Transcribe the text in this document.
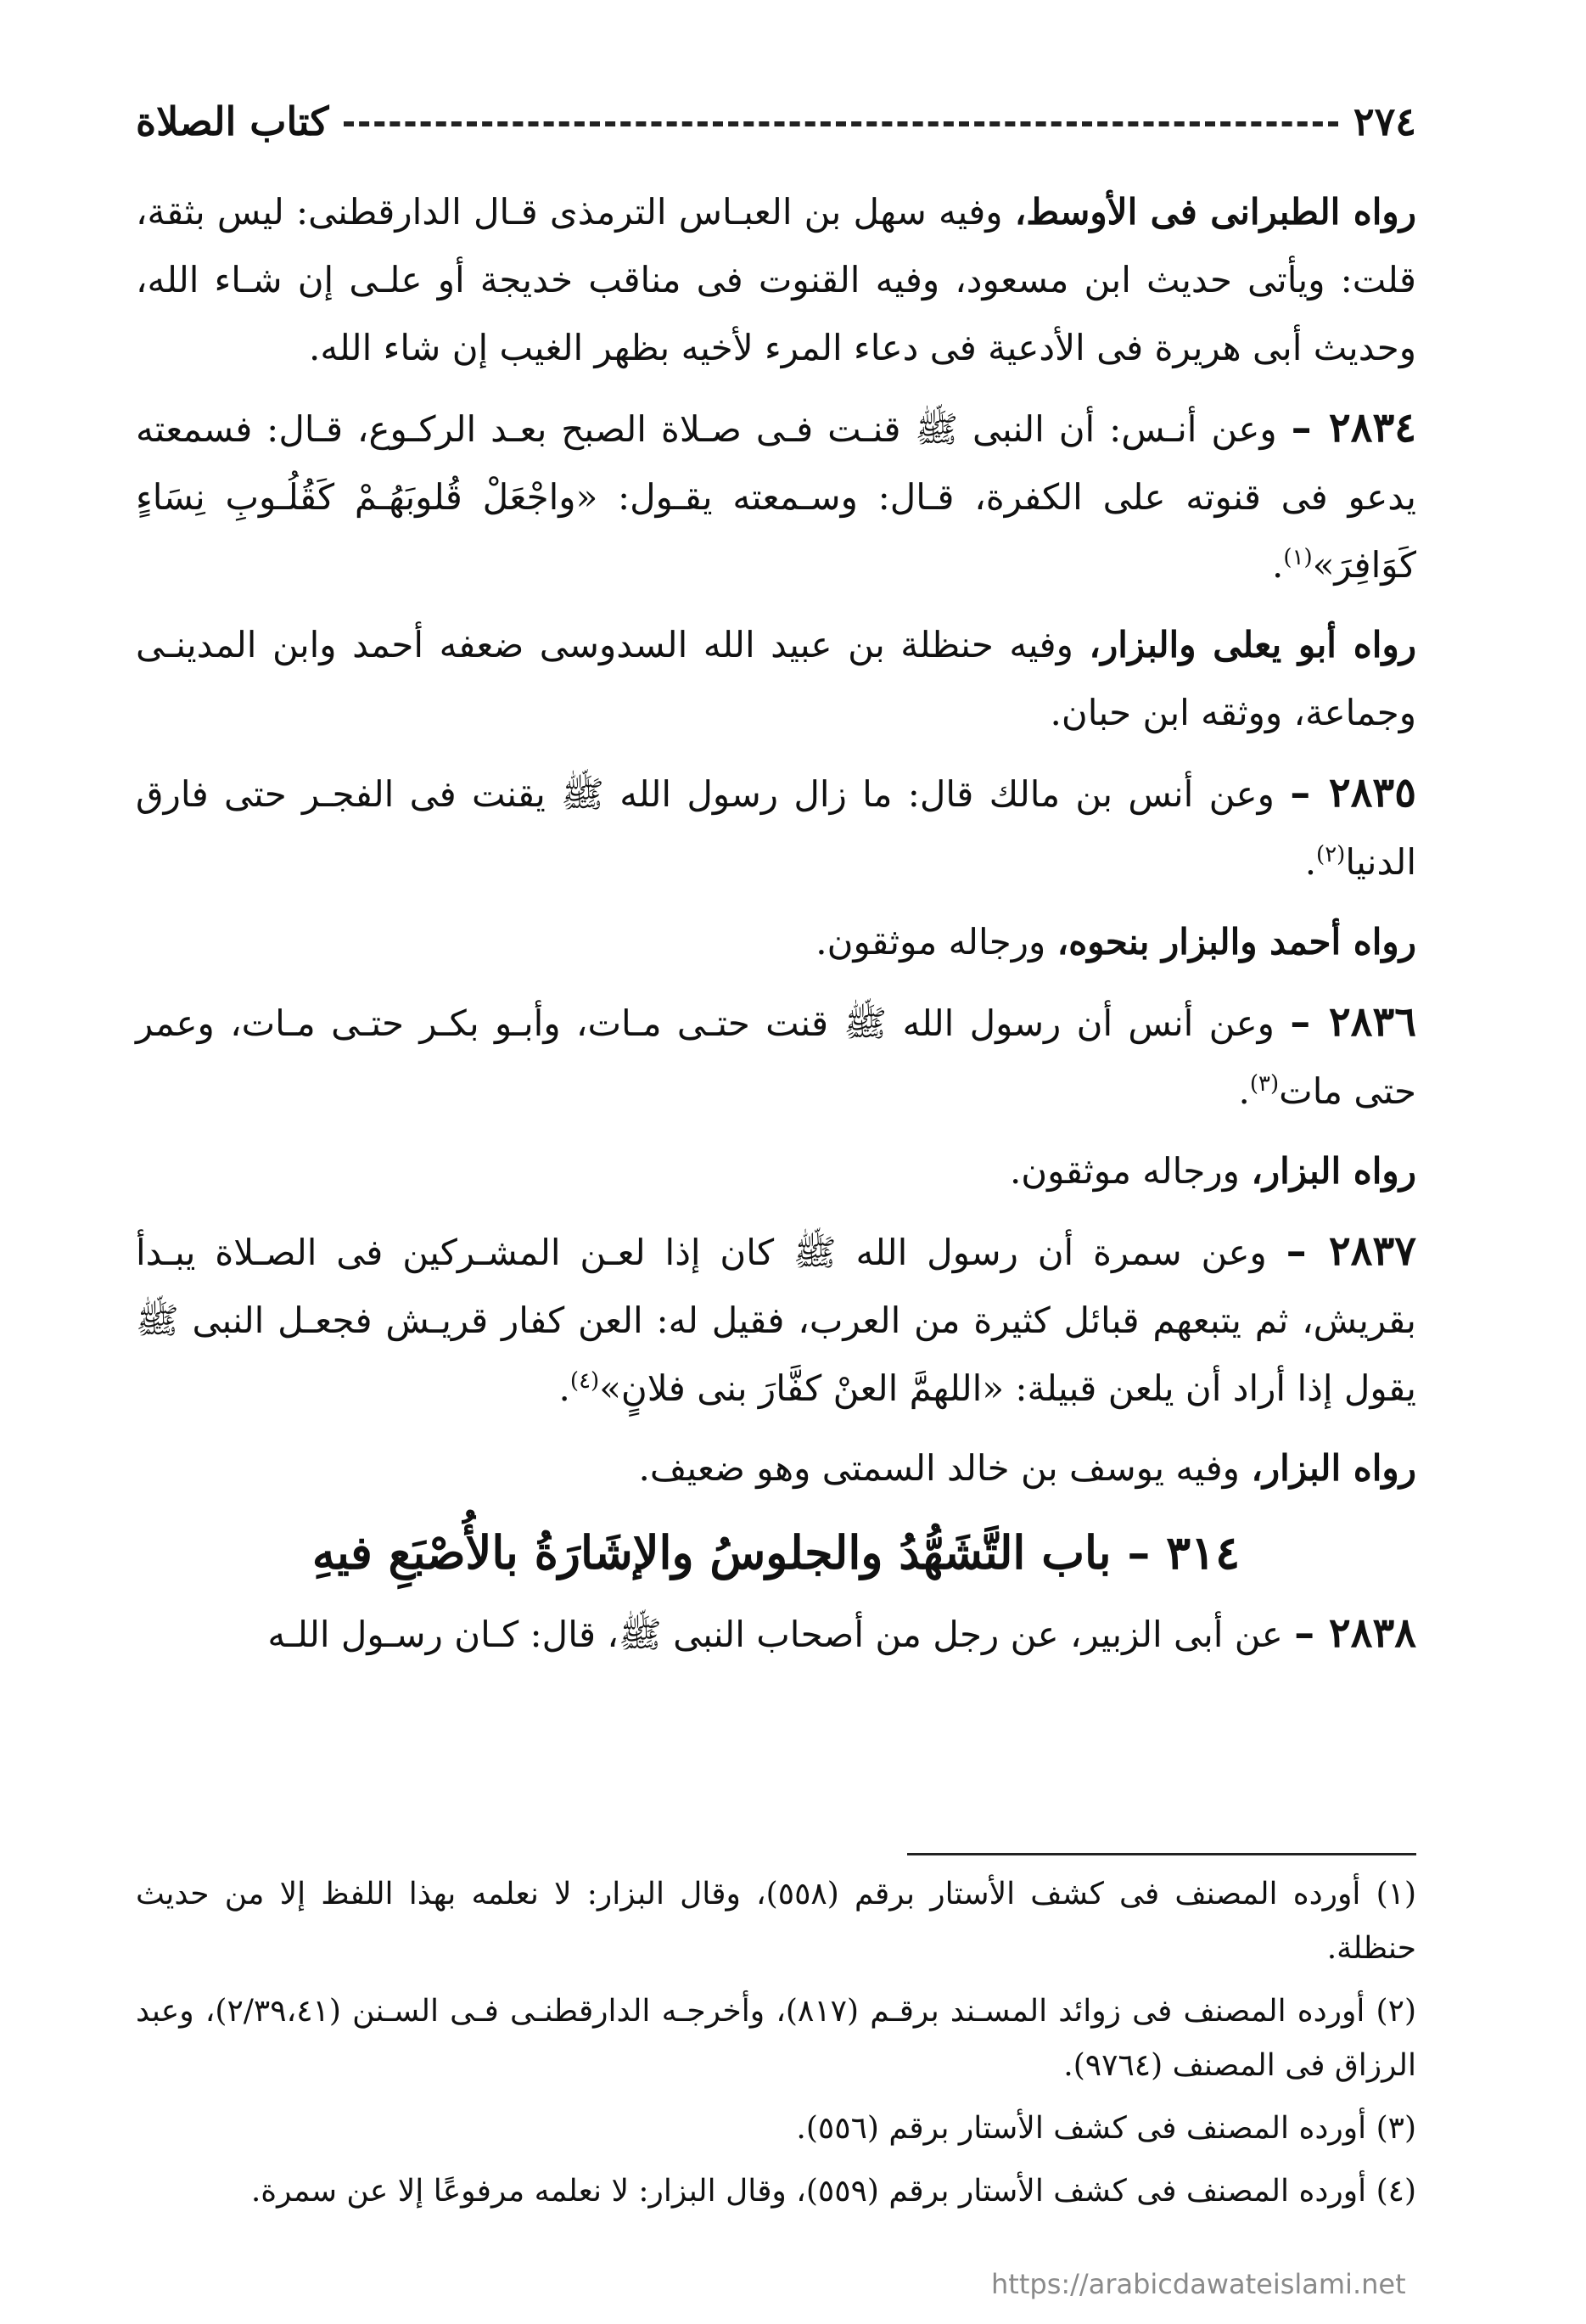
٢٧٤
كتاب الصلاة

رواه الطبرانى فى الأوسط، وفيه سهل بن العبـاس الترمذى قـال الدارقطنى: ليس بثقة، قلت: ويأتى حديث ابن مسعود، وفيه القنوت فى مناقب خديجة أو علـى إن شـاء الله، وحديث أبى هريرة فى الأدعية فى دعاء المرء لأخيه بظهر الغيب إن شاء الله.

٢٨٣٤ – وعن أنـس: أن النبى ﷺ قنـت فـى صـلاة الصبح بعـد الركـوع، قـال: فسمعته يدعو فى قنوته على الكفرة، قـال: وسـمعته يقـول: «واجْعَلْ قُلوبَهُـمْ كَقُلُـوبِ نِسَاءٍ كَوَافِرَ»$^{(١)}$.

رواه أبو يعلى والبزار، وفيه حنظلة بن عبيد الله السدوسى ضعفه أحمد وابن المدينـى وجماعة، ووثقه ابن حبان.

٢٨٣٥ – وعن أنس بن مالك قال: ما زال رسول الله ﷺ يقنت فى الفجـر حتى فارق الدنيا$^{(٢)}$.

رواه أحمد والبزار بنحوه، ورجاله موثقون.

٢٨٣٦ – وعن أنس أن رسول الله ﷺ قنت حتـى مـات، وأبـو بكـر حتـى مـات، وعمر حتى مات$^{(٣)}$.

رواه البزار، ورجاله موثقون.

٢٨٣٧ – وعن سمرة أن رسول الله ﷺ كان إذا لعـن المشـركين فى الصـلاة يبـدأ بقريش، ثم يتبعهم قبائل كثيرة من العرب، فقيل له: العن كفار قريـش فجعـل النبى ﷺ يقول إذا أراد أن يلعن قبيلة: «اللهمَّ العنْ كفَّارَ بنى فلانٍ»$^{(٤)}$.

رواه البزار، وفيه يوسف بن خالد السمتى وهو ضعيف.

٣١٤ – باب التَّشَهُّدُ والجلوسُ والإشَارَةُ بالأُصْبَعِ فيهِ

٢٨٣٨ – عن أبى الزبير، عن رجل من أصحاب النبى ﷺ، قال: كـان رسـول اللـه

(١) أورده المصنف فى كشف الأستار برقم (٥٥٨)، وقال البزار: لا نعلمه بهذا اللفظ إلا من حديث حنظلة.

(٢) أورده المصنف فى زوائد المسـند برقـم (٨١٧)، وأخرجـه الدارقطنـى فـى السـنن (٢/٣٩،٤١)، وعبد الرزاق فى المصنف (٩٧٦٤).

(٣) أورده المصنف فى كشف الأستار برقم (٥٥٦).

(٤) أورده المصنف فى كشف الأستار برقم (٥٥٩)، وقال البزار: لا نعلمه مرفوعًا إلا عن سمرة.

https://arabicdawateislami.net
